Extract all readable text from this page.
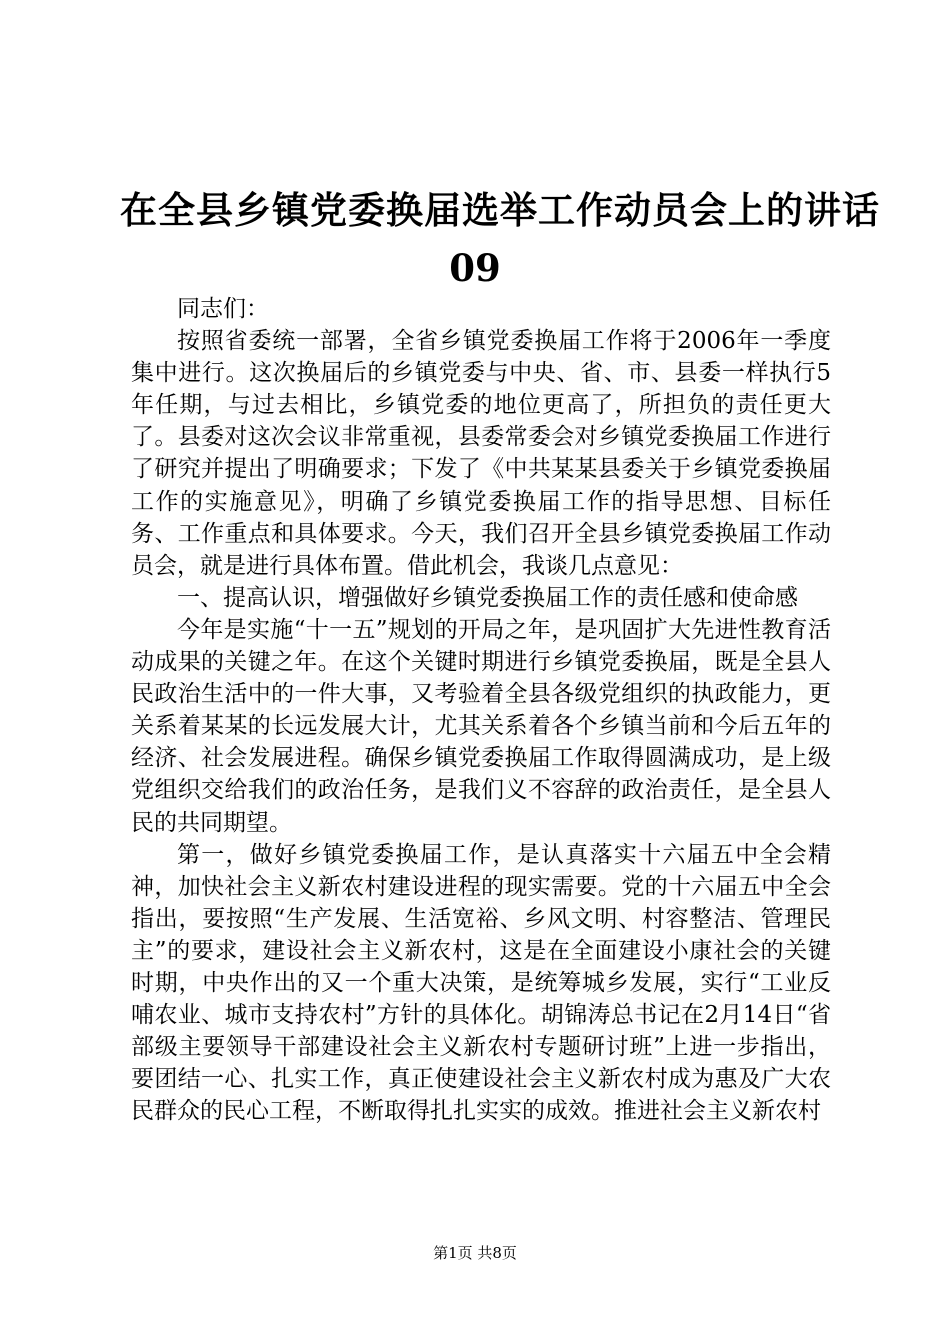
在全县乡镇党委换届选举工作动员会上的讲话
09

同志们：

按照省委统一部署，全省乡镇党委换届工作将于2006年一季度集中进行。这次换届后的乡镇党委与中央、省、市、县委一样执行5年任期，与过去相比，乡镇党委的地位更高了，所担负的责任更大了。县委对这次会议非常重视，县委常委会对乡镇党委换届工作进行了研究并提出了明确要求；下发了《中共某某县委关于乡镇党委换届工作的实施意见》，明确了乡镇党委换届工作的指导思想、目标任务、工作重点和具体要求。今天，我们召开全县乡镇党委换届工作动员会，就是进行具体布置。借此机会，我谈几点意见：

一、提高认识，增强做好乡镇党委换届工作的责任感和使命感

今年是实施“十一五”规划的开局之年，是巩固扩大先进性教育活动成果的关键之年。在这个关键时期进行乡镇党委换届，既是全县人民政治生活中的一件大事，又考验着全县各级党组织的执政能力，更关系着某某的长远发展大计，尤其关系着各个乡镇当前和今后五年的经济、社会发展进程。确保乡镇党委换届工作取得圆满成功，是上级党组织交给我们的政治任务，是我们义不容辞的政治责任，是全县人民的共同期望。

第一，做好乡镇党委换届工作，是认真落实十六届五中全会精神，加快社会主义新农村建设进程的现实需要。党的十六届五中全会指出，要按照“生产发展、生活宽裕、乡风文明、村容整洁、管理民主”的要求，建设社会主义新农村，这是在全面建设小康社会的关键时期，中央作出的又一个重大决策，是统筹城乡发展，实行“工业反哺农业、城市支持农村”方针的具体化。胡锦涛总书记在2月14日“省部级主要领导干部建设社会主义新农村专题研讨班”上进一步指出，要团结一心、扎实工作，真正使建设社会主义新农村成为惠及广大农民群众的民心工程，不断取得扎扎实实的成效。推进社会主义新农村

第1页 共8页
